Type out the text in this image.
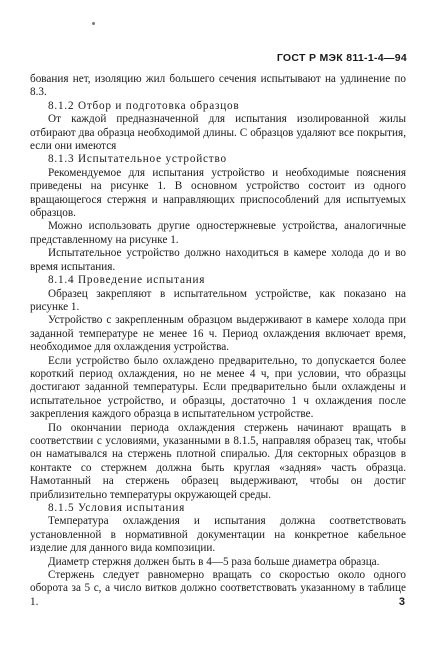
ГОСТ Р МЭК 811-1-4—94

бования нет, изоляцию жил большего сечения испытывают на удлинение по 8.3.

8.1.2 Отбор и подготовка образцов

От каждой предназначенной для испытания изолированной жилы отбирают два образца необходимой длины. С образцов удаляют все покрытия, если они имеются

8.1.3 Испытательное устройство

Рекомендуемое для испытания устройство и необходимые пояснения приведены на рисунке 1. В основном устройство состоит из одного вращающегося стержня и направляющих приспособлений для испытуемых образцов.

Можно использовать другие одностержневые устройства, аналогичные представленному на рисунке 1.

Испытательное устройство должно находиться в камере холода до и во время испытания.

8.1.4 Проведение испытания

Образец закрепляют в испытательном устройстве, как показано на рисунке 1.

Устройство с закрепленным образцом выдерживают в камере холода при заданной температуре не менее 16 ч. Период охлаждения включает время, необходимое для охлаждения устройства.

Если устройство было охлаждено предварительно, то допускается более короткий период охлаждения, но не менее 4 ч, при условии, что образцы достигают заданной температуры. Если предварительно были охлаждены и испытательное устройство, и образцы, достаточно 1 ч охлаждения после закрепления каждого образца в испытательном устройстве.

По окончании периода охлаждения стержень начинают вращать в соответствии с условиями, указанными в 8.1.5, направляя образец так, чтобы он наматывался на стержень плотной спиралью. Для секторных образцов в контакте со стержнем должна быть круглая «задняя» часть образца. Намотанный на стержень образец выдерживают, чтобы он достиг приблизительно температуры окружающей среды.

8.1.5 Условия испытания

Температура охлаждения и испытания должна соответствовать установленной в нормативной документации на конкретное кабельное изделие для данного вида композиции.

Диаметр стержня должен быть в 4—5 раза больше диаметра образца.

Стержень следует равномерно вращать со скоростью около одного оборота за 5 с, а число витков должно соответствовать указанному в таблице 1.	3
